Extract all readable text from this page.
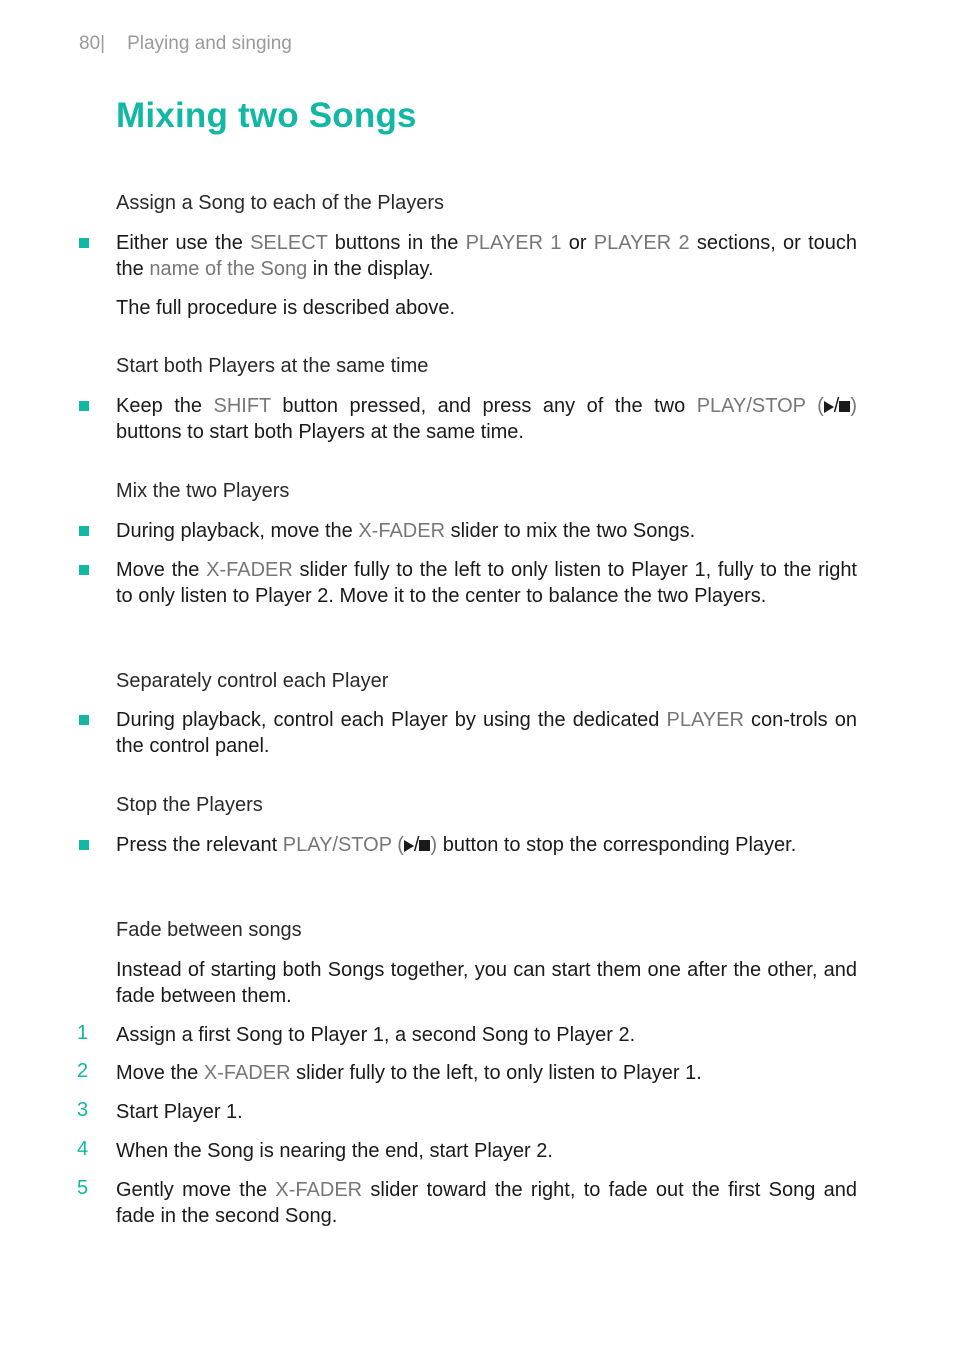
80| Playing and singing
Mixing two Songs
Assign a Song to each of the Players
Either use the SELECT buttons in the PLAYER 1 or PLAYER 2 sections, or touch the name of the Song in the display.
The full procedure is described above.
Start both Players at the same time
Keep the SHIFT button pressed, and press any of the two PLAY/STOP ( / ) buttons to start both Players at the same time.
Mix the two Players
During playback, move the X-FADER slider to mix the two Songs.
Move the X-FADER slider fully to the left to only listen to Player 1, fully to the right to only listen to Player 2. Move it to the center to balance the two Players.
Separately control each Player
During playback, control each Player by using the dedicated PLAYER con-trols on the control panel.
Stop the Players
Press the relevant PLAY/STOP ( / ) button to stop the corresponding Player.
Fade between songs
Instead of starting both Songs together, you can start them one after the other, and fade between them.
1 Assign a first Song to Player 1, a second Song to Player 2.
2 Move the X-FADER slider fully to the left, to only listen to Player 1.
3 Start Player 1.
4 When the Song is nearing the end, start Player 2.
5 Gently move the X-FADER slider toward the right, to fade out the first Song and fade in the second Song.
